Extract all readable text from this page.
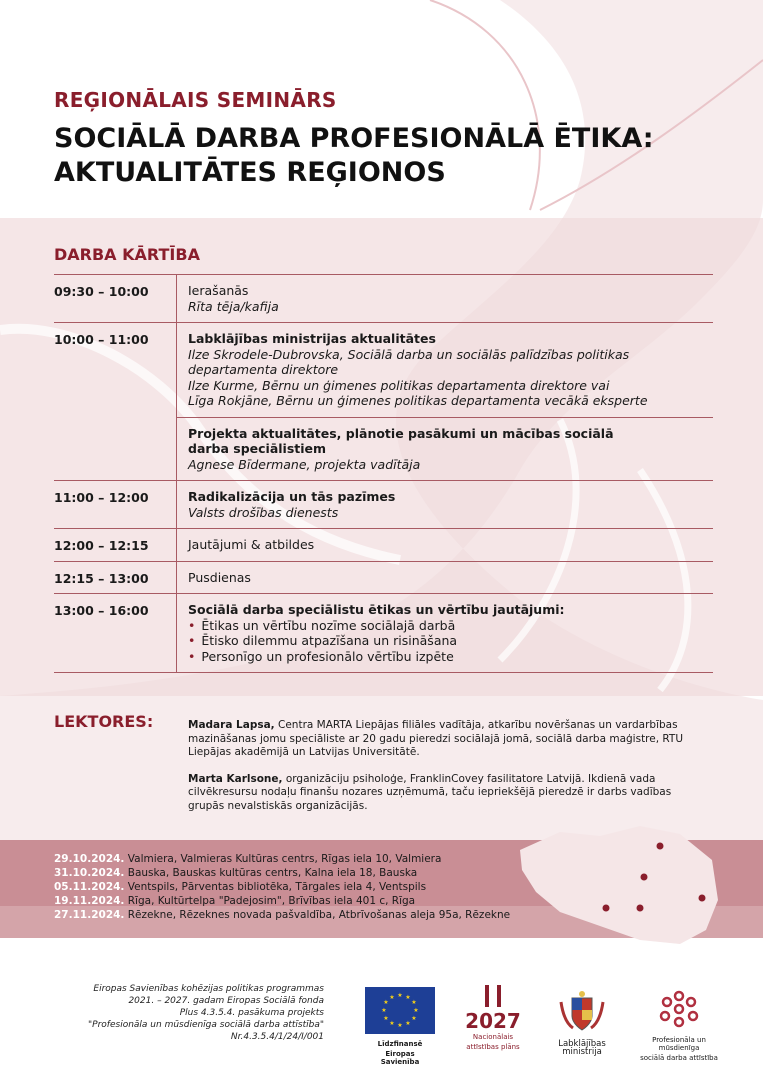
REĢIONĀLAIS SEMINĀRS
SOCIĀLĀ DARBA PROFESIONĀLĀ ĒTIKA:
AKTUALITĀTES REĢIONOS
DARBA KĀRTĪBA
09:30 – 10:00	Ierašanās
Rīta tēja/kafija
10:00 – 11:00	Labklājības ministrijas aktualitātes
Ilze Skrodele-Dubrovska, Sociālā darba un sociālās palīdzības politikas
departamenta direktore
Ilze Kurme, Bērnu un ģimenes politikas departamenta direktore vai
Līga Rokjāne, Bērnu un ģimenes politikas departamenta vecākā eksperte
Projekta aktualitātes, plānotie pasākumi un mācības sociālā
darba speciālistiem
Agnese Bīdermane, projekta vadītāja
11:00 – 12:00	Radikalizācija un tās pazīmes
Valsts drošības dienests
12:00 – 12:15	Jautājumi & atbildes
12:15 – 13:00	Pusdienas
13:00 – 16:00	Sociālā darba speciālistu ētikas un vērtību jautājumi:
• Ētikas un vērtību nozīme sociālajā darbā
• Ētisko dilemmu atpazīšana un risināšana
• Personīgo un profesionālo vērtību izpēte
LEKTORES:	Madara Lapsa, Centra MARTA Liepājas filiāles vadītāja, atkarību novēršanas un vardarbības mazināšanas jomu speciāliste ar 20 gadu pieredzi sociālajā jomā, sociālā darba maģistre, RTU Liepājas akadēmijā un Latvijas Universitātē.

Marta Karlsone, organizāciju psiholoģe, FranklinCovey fasilitatore Latvijā. Ikdienā vada cilvēkresursu nodaļu finanšu nozares uzņēmumā, taču iepriekšējā pieredzē ir darbs vadības grupās nevalstiskās organizācijās.

29.10.2024. Valmiera, Valmieras Kultūras centrs, Rīgas iela 10, Valmiera
31.10.2024. Bauska, Bauskas kultūras centrs, Kalna iela 18, Bauska
05.11.2024. Ventspils, Pārventas bibliotēka, Tārgales iela 4, Ventspils
19.11.2024. Rīga, Kultūrtelpa "Padejosim", Brīvības iela 401 c, Rīga
27.11.2024. Rēzekne, Rēzeknes novada pašvaldība, Atbrīvošanas aleja 95a, Rēzekne
Eiropas Savienības kohēzijas politikas programmas
2021. – 2027. gadam Eiropas Sociālā fonda
Plus 4.3.5.4. pasākuma projekts
"Profesionāla un mūsdienīga sociālā darba attīstība"
Nr.4.3.5.4/1/24/I/001
★ ★
★
★
★
★
★
★
★
★
★
★
Līdzfinansē
Eiropas Savienība
2027
Nacionālais
attīstības plāns	Labklājības ministrija
Profesionāla un mūsdienīga
sociālā darba attīstība
